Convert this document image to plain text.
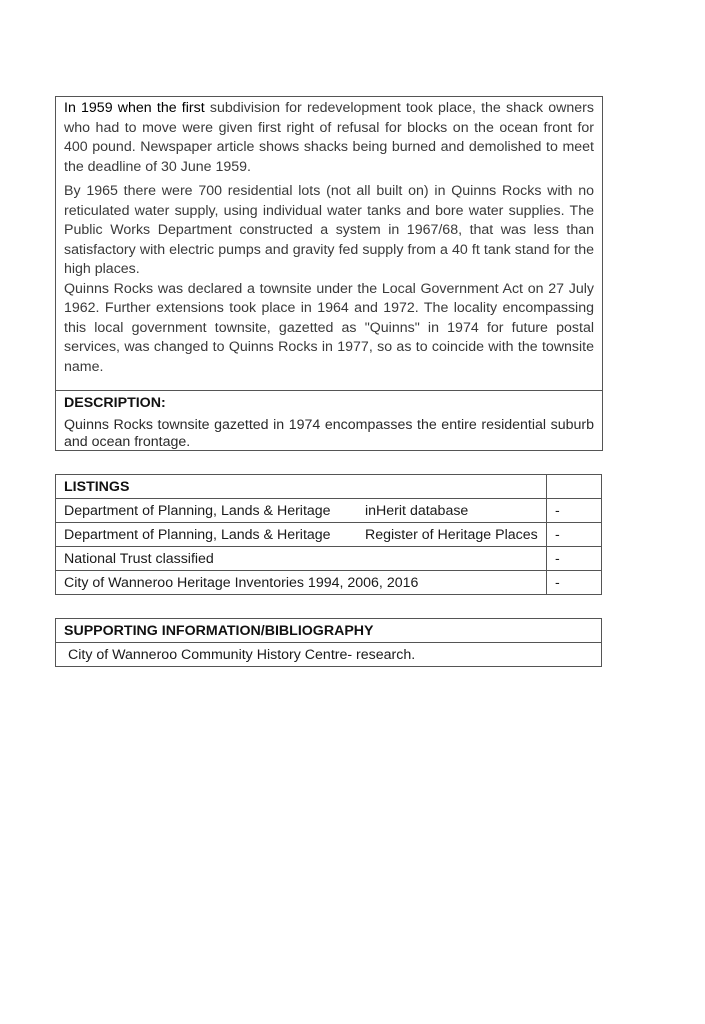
In 1959 when the first subdivision for redevelopment took place, the shack owners who had to move were given first right of refusal for blocks on the ocean front for 400 pound. Newspaper article shows shacks being burned and demolished to meet the deadline of 30 June 1959.

By 1965 there were 700 residential lots (not all built on) in Quinns Rocks with no reticulated water supply, using individual water tanks and bore water supplies. The Public Works Department constructed a system in 1967/68, that was less than satisfactory with electric pumps and gravity fed supply from a 40 ft tank stand for the high places.

Quinns Rocks was declared a townsite under the Local Government Act on 27 July 1962. Further extensions took place in 1964 and 1972. The locality encompassing this local government townsite, gazetted as "Quinns" in 1974 for future postal services, was changed to Quinns Rocks in 1977, so as to coincide with the townsite name.

DESCRIPTION:
Quinns Rocks townsite gazetted in 1974 encompasses the entire residential suburb and ocean frontage.
LISTINGS	

Department of Planning, Lands & Heritage inHerit database	-

Department of Planning, Lands & Heritage Register of Heritage Places	-

National Trust classified	-

City of Wanneroo Heritage Inventories 1994, 2006, 2016	-
SUPPORTING INFORMATION/BIBLIOGRAPHY
City of Wanneroo Community History Centre- research.
